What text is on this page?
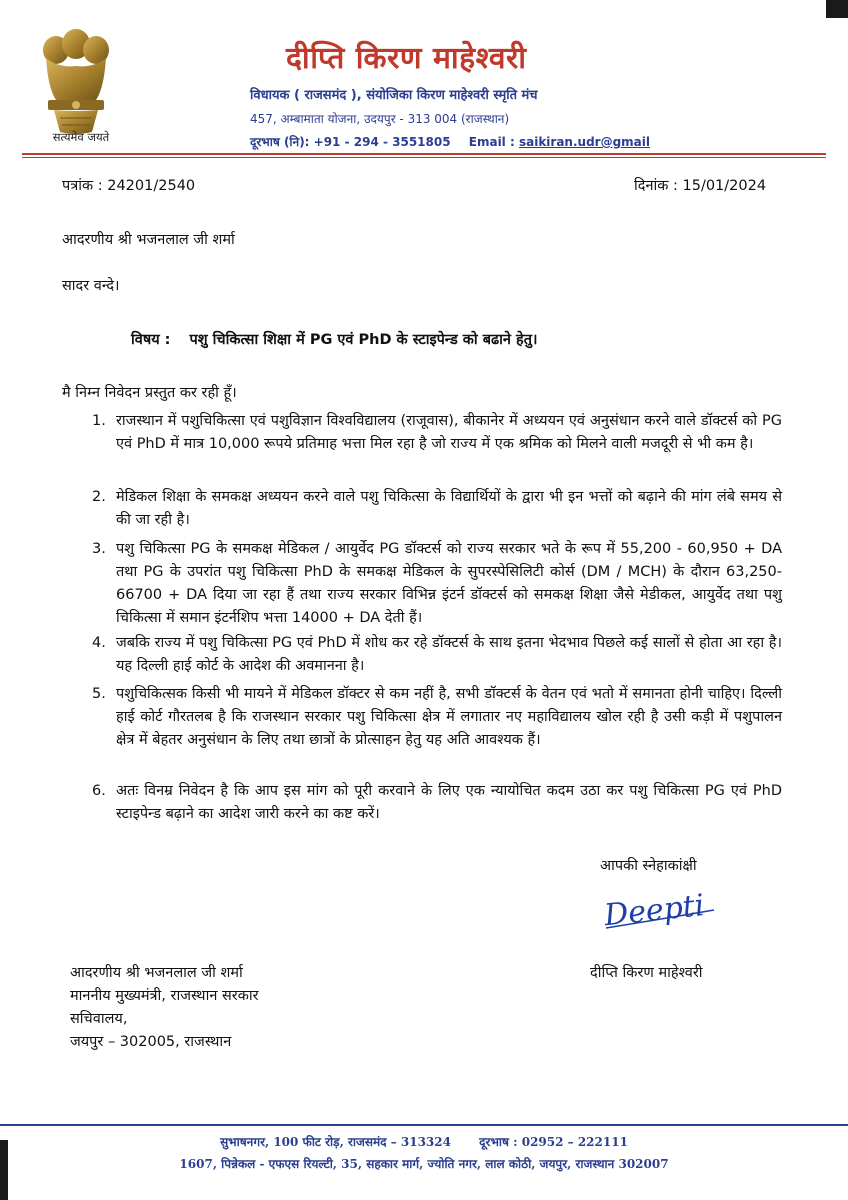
सत्यमेव जयते
दीप्ति किरण माहेश्वरी
विधायक ( राजसमंद ), संयोजिका किरण माहेश्वरी स्मृति मंच
457, अम्बामाता योजना, उदयपुर - 313 004 (राजस्थान)
दूरभाष (नि): +91 - 294 - 3551805 Email : saikiran.udr@gmail
पत्रांक : 24201/2540	दिनांक : 15/01/2024
आदरणीय श्री भजनलाल जी शर्मा
सादर वन्दे।
विषय : पशु चिकित्सा शिक्षा में PG एवं PhD के स्टाइपेन्ड को बढाने हेतु।
मै निम्न निवेदन प्रस्तुत कर रही हूँ।
1. राजस्थान में पशुचिकित्सा एवं पशुविज्ञान विश्वविद्यालय (राजूवास), बीकानेर में अध्ययन एवं अनुसंधान करने वाले डॉक्टर्स को PG एवं PhD में मात्र 10,000 रूपये प्रतिमाह भत्ता मिल रहा है जो राज्य में एक श्रमिक को मिलने वाली मजदूरी से भी कम है।
2. मेडिकल शिक्षा के समकक्ष अध्ययन करने वाले पशु चिकित्सा के विद्यार्थियों के द्वारा भी इन भत्तों को बढ़ाने की मांग लंबे समय से की जा रही है।
3. पशु चिकित्सा PG के समकक्ष मेडिकल / आयुर्वेद PG डॉक्टर्स को राज्य सरकार भते के रूप में 55,200 - 60,950 + DA तथा PG के उपरांत पशु चिकित्सा PhD के समकक्ष मेडिकल के सुपरस्पेसिलिटी कोर्स (DM / MCH) के दौरान 63,250-66700 + DA दिया जा रहा हैं तथा राज्य सरकार विभिन्न इंटर्न डॉक्टर्स को समकक्ष शिक्षा जैसे मेडीकल, आयुर्वेद तथा पशु चिकित्सा में समान इंटर्नशिप भत्ता 14000 + DA देती हैं।
4. जबकि राज्य में पशु चिकित्सा PG एवं PhD में शोध कर रहे डॉक्टर्स के साथ इतना भेदभाव पिछले कई सालों से होता आ रहा है। यह दिल्ली हाई कोर्ट के आदेश की अवमानना है।
5. पशुचिकित्सक किसी भी मायने में मेडिकल डॉक्टर से कम नहीं है, सभी डॉक्टर्स के वेतन एवं भतो में समानता होनी चाहिए। दिल्ली हाई कोर्ट गौरतलब है कि राजस्थान सरकार पशु चिकित्सा क्षेत्र में लगातार नए महाविद्यालय खोल रही है उसी कड़ी में पशुपालन क्षेत्र में बेहतर अनुसंधान के लिए तथा छात्रों के प्रोत्साहन हेतु यह अति आवश्यक हैं।
6. अतः विनम्र निवेदन है कि आप इस मांग को पूरी करवाने के लिए एक न्यायोचित कदम उठा कर पशु चिकित्सा PG एवं PhD स्टाइपेन्ड बढ़ाने का आदेश जारी करने का कष्ट करें।
आपकी स्नेहाकांक्षी
Deepti
दीप्ति किरण माहेश्वरी
आदरणीय श्री भजनलाल जी शर्मा
माननीय मुख्यमंत्री, राजस्थान सरकार
सचिवालय,
जयपुर – 302005, राजस्थान
सुभाषनगर, 100 फीट रोड़, राजसमंद – 313324 दूरभाष : 02952 – 222111
1607, पिन्नेकल - एफएस रियल्टी, 35, सहकार मार्ग, ज्योति नगर, लाल कोठी, जयपुर, राजस्थान 302007
